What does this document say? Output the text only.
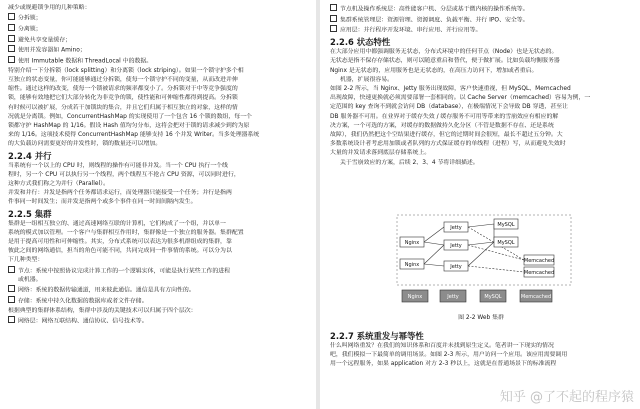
减少或规避锁争用的几种策略：
分拆锁；
分离锁；
避免共享变量缓存；
使用并发容器如 Amino；
使用 Immutable 数据和 ThreadLocal 中的数据。
特别介绍一下分拆锁（lock splitting）和分离锁（lock striping）。如果一个锁守护多个相
互独立的状态变量，你可能能够通过分拆锁，使每一个锁守护不同的变量，从而改进并伸
缩性。通过这样的改变，使每一个锁被请求的频率都变小了。分拆锁对于中等竞争强度的
锁，能够有效地把它们大部分转化为非竞争的锁，使性能和可伸缩性都得到提高。分拆锁
有时候可以被扩展，分成若干加锁块的集合，并且它们归属于相互独立的对象，这样的情
况就是分离锁。例如，ConcurrentHashMap 的实现使用了一个包含 16 个锁的数组，每一个
锁都守护 HashMap 的 1/16。假设 Hash 值均匀分布，这将会把对于锁的请求减少到约为原
来的 1/16。这项技术使得 ConcurrentHashMap 能够支持 16 个并发 Writer。当多处理器系统
的大负载访问需要更好的并发性时，锁的数量还可以增加。
2.2.4 并行
当系统有一个以上的 CPU 时，则线程的操作有可能非并发。当一个 CPU 执行一个线
程时，另一个 CPU 可以执行另一个线程，两个线程互不抢占 CPU 资源，可以同时进行，
这种方式我们称之为并行（Parallel）。
并发和并行：并发是指两个任务都请求运行，而处理器只能接受一个任务；并行是指两
件事同一时间发生；而并发是指两个或多个事件在同一时间间隔内发生。
2.2.5 集群
集群是一组相互独立的、通过高速网络互联的计算机，它们构成了一个组，并以单一
系统的模式加以管理。一个客户与集群相互作用时，集群像是一个独立的服务器。集群配置
是用于提高可用性和可伸缩性。其实，分布式系统可以表达为很多机群组成的集群，靠
彼此之间的网络通信，担当的角色可能不同，共同完成同一件事情的系统。可以分为以
下几种类型：
节点：系统中按照协议完成计算工作的一个逻辑实体，可能是执行某些工作的进程
或机器。
网络：系统的数据传输通道，用来彼此通信。通信是具有方向性的。
存储：系统中持久化数据的数据库或者文件存储。
根据典型的集群体系结构，集群中涉及的关键技术可以归属于四个层次：
网络层：网络互联结构、通信协议、信号技术等。
节点机及操作系统层：高性能客户机、分层或基于微内核的操作系统等。
集群系统管理层：资源管理、资源调度、负载平衡、并行 IPO、安全等。
应用层：并行程序开发环境、串行应用、并行应用等。
2.2.6 状态特性
在大部分应用中都强调服务无状态，分布式环境中的任何节点（Node）也是无状态的。
无状态是指不保存存储状态，则可以随意重启和替代，便于做扩展。比如负载均衡服务器
Nginx 是无状态的，应用服务也是无状态的，在高压力访问下，增加或者重启。
机器，扩展很容易。
如图 2-2 所示，当 Nginx、Jetty 服务出现故障，客户快速重视，但 MySQL、Memcached
出现故障，快速更换就必须需要部署一套相同的。以 Cache Server（memcached）容易为例，一
定范围的 key 查询不到就会访问 DB（database），在极端情况下会导致 DB 穿透，甚至让
DB 服务器不可用。在业界对于缓存失效 / 缓存服务不可用等带来的雪崩效应有相应的解
决方案，一个可选的方案，对缓存的数据做持久化分区（不管是数据不存在、还是系统
故障），我们仍然把这个空结果进行缓存，但它的过期时间会很短，最长不超过五分钟。大
多数系统设计者考虑用加锁或者队列的方式保证缓存的单线程（进程）写，从而避免失效时
大量的并发请求落到底层存储系统上。
关于雪崩效应的方案，后续 2、3、4 节将详细描述。
Nginx
Nginx
Jetty
Jetty
Jetty
MySQL
MySQL
Memcached
Memcached
Nginx	Jetty	MySQL	Memcached
图 2-2 Web 集群
2.2.7 系统重发与幂等性
什么叫网络重发？在我们的知识体系和百度并未找到原生定义。笔者讲一下现实的情况
吧，我们模拟一下最简单的调用场景。如图 2-3 所示，用户访问一个应用。该应用需要调用
用一个远程服务，如果 application 对方 2-3 秒以上，这就是在普通场景下的标准流程
知乎 @了不起的程序猿
